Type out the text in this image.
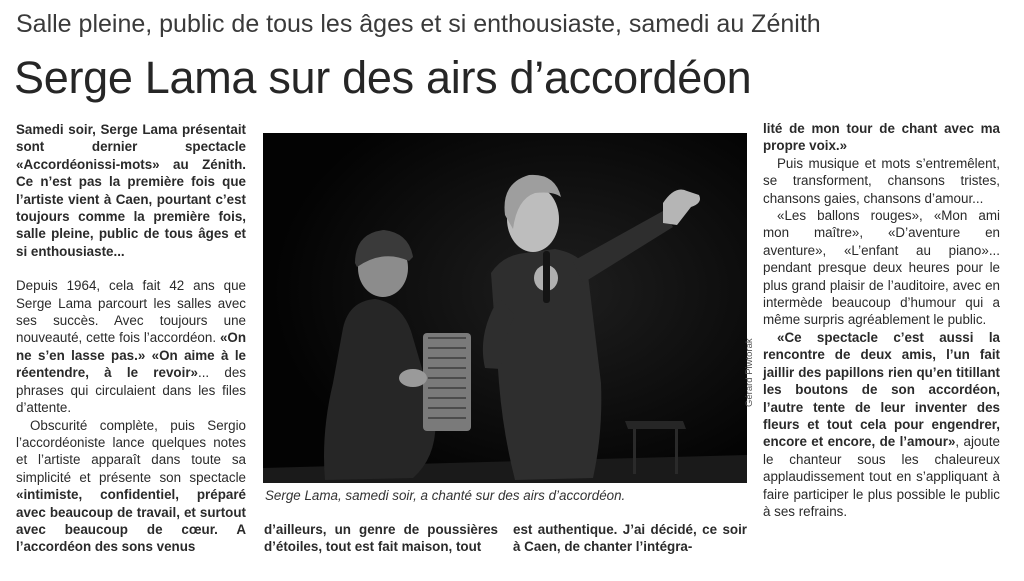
Salle pleine, public de tous les âges et si enthousiaste, samedi au Zénith
Serge Lama sur des airs d’accordéon

Samedi soir, Serge Lama présentait sont dernier spectacle «Accordéonissi-mots» au Zénith. Ce n’est pas la première fois que l’artiste vient à Caen, pourtant c’est toujours comme la première fois, salle pleine, public de tous âges et si enthousiaste...

Depuis 1964, cela fait 42 ans que Serge Lama parcourt les salles avec ses succès. Avec toujours une nouveauté, cette fois l’accordéon. «On ne s’en lasse pas.» «On aime à le réentendre, à le revoir»... des phrases qui circulaient dans les files d’attente.

Obscurité complète, puis Sergio l’accordéoniste lance quelques notes et l’artiste apparaît dans toute sa simplicité et présente son spectacle «intimiste, confidentiel, préparé avec beaucoup de travail, et surtout avec beaucoup de cœur. A l’accordéon des sons venus

Gérard Piwtorak
Serge Lama, samedi soir, a chanté sur des airs d’accordéon.

d’ailleurs, un genre de poussières d’étoiles, tout est fait maison, tout

est authentique. J’ai décidé, ce soir à Caen, de chanter l’intégra-

lité de mon tour de chant avec ma propre voix.»

Puis musique et mots s’entremêlent, se transforment, chansons tristes, chansons gaies, chansons d’amour...

«Les ballons rouges», «Mon ami mon maître», «D’aventure en aventure», «L’enfant au piano»... pendant presque deux heures pour le plus grand plaisir de l’auditoire, avec en intermède beaucoup d’humour qui a même surpris agréablement le public.

«Ce spectacle c’est aussi la rencontre de deux amis, l’un fait jaillir des papillons rien qu’en titillant les boutons de son accordéon, l’autre tente de leur inventer des fleurs et tout cela pour engendrer, encore et encore, de l’amour», ajoute le chanteur sous les chaleureux applaudissement tout en s’appliquant à faire participer le plus possible le public à ses refrains.
